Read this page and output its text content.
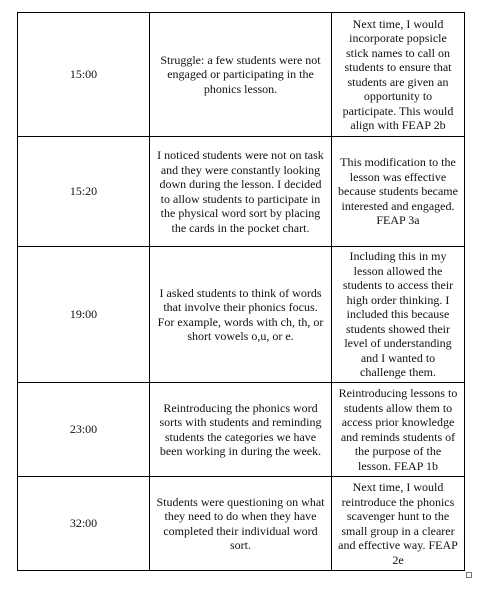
15:00	Struggle: a few students were not engaged or participating in the phonics lesson.	Next time, I would incorporate popsicle stick names to call on students to ensure that students are given an opportunity to participate. This would align with FEAP 2b
15:20	I noticed students were not on task and they were constantly looking down during the lesson. I decided to allow students to participate in the physical word sort by placing the cards in the pocket chart.	This modification to the lesson was effective because students became interested and engaged. FEAP 3a
19:00	I asked students to think of words that involve their phonics focus. For example, words with ch, th, or short vowels o,u, or e.	Including this in my lesson allowed the students to access their high order thinking. I included this because students showed their level of understanding and I wanted to challenge them.
23:00	Reintroducing the phonics word sorts with students and reminding students the categories we have been working in during the week.	Reintroducing lessons to students allow them to access prior knowledge and reminds students of the purpose of the lesson. FEAP 1b
32:00	Students were questioning on what they need to do when they have completed their individual word sort.	Next time, I would reintroduce the phonics scavenger hunt to the small group in a clearer and effective way. FEAP 2e
